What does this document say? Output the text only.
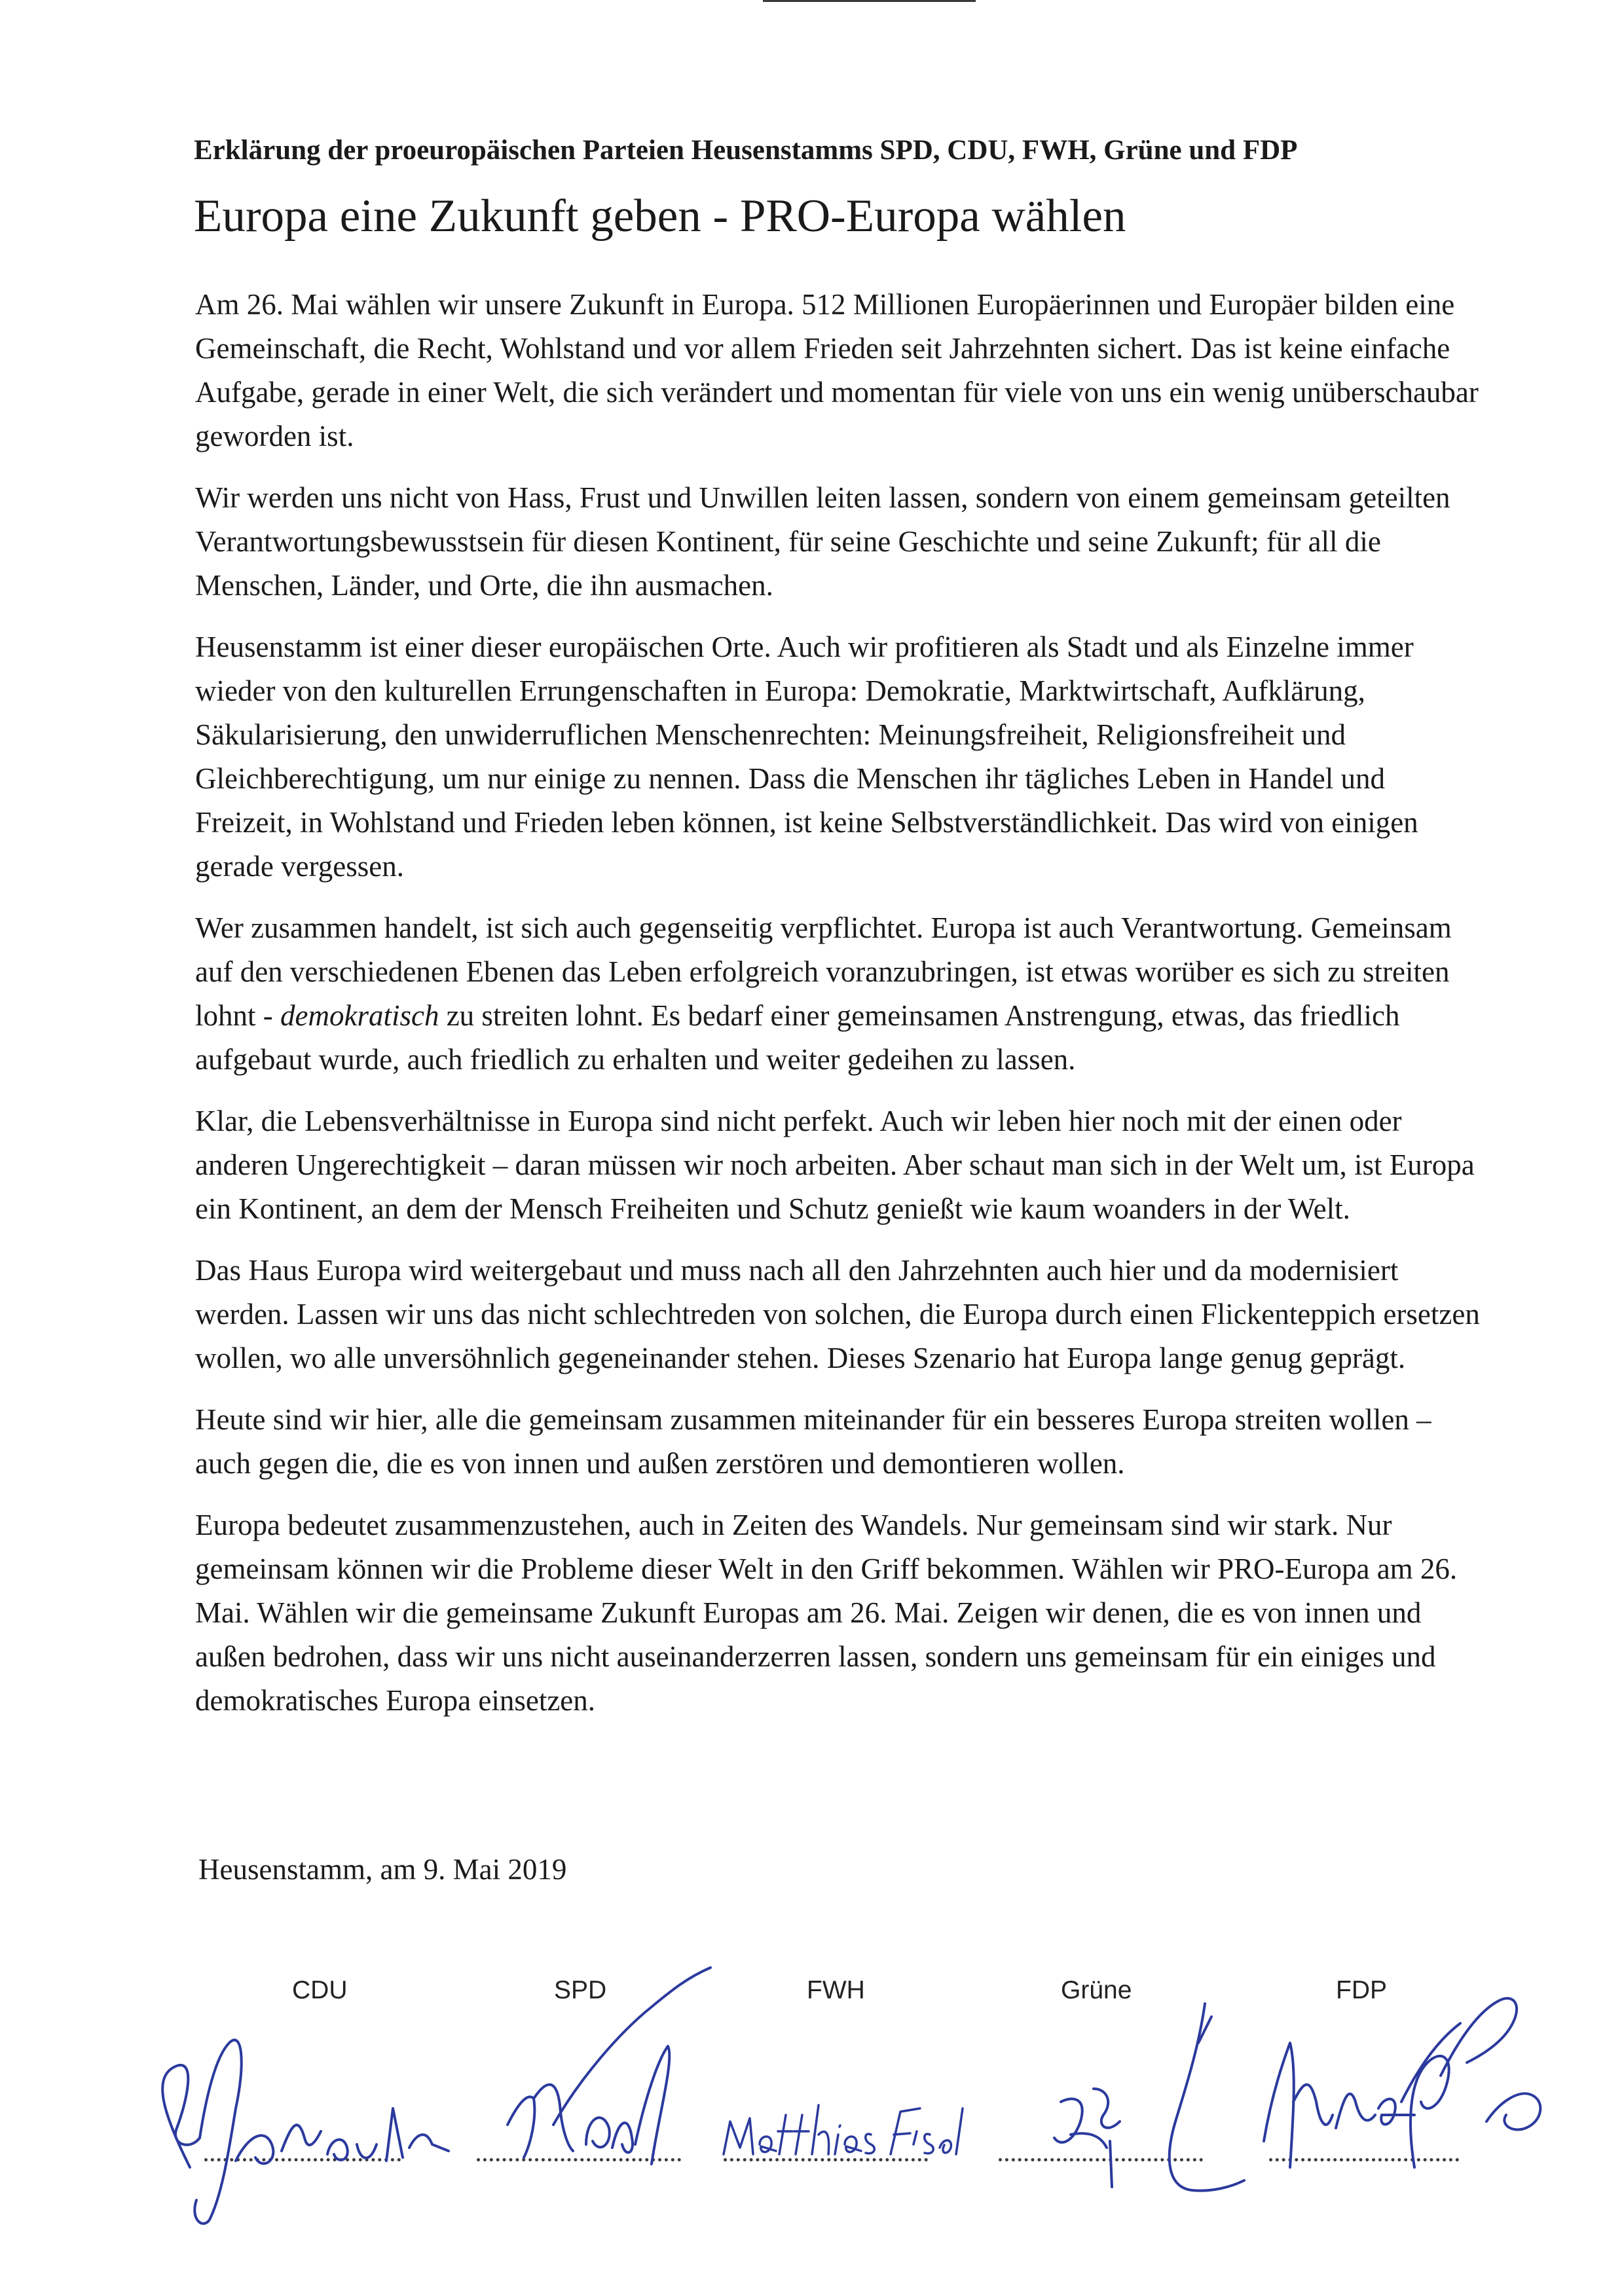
Erklärung der proeuropäischen Parteien Heusenstamms SPD, CDU, FWH, Grüne und FDP
Europa eine Zukunft geben - PRO-Europa wählen

Am 26. Mai wählen wir unsere Zukunft in Europa. 512 Millionen Europäerinnen und Europäer bilden eine Gemeinschaft, die Recht, Wohlstand und vor allem Frieden seit Jahrzehnten sichert. Das ist keine einfache Aufgabe, gerade in einer Welt, die sich verändert und momentan für viele von uns ein wenig unüberschaubar geworden ist.

Wir werden uns nicht von Hass, Frust und Unwillen leiten lassen, sondern von einem gemeinsam geteilten Verantwortungsbewusstsein für diesen Kontinent, für seine Geschichte und seine Zukunft; für all die Menschen, Länder, und Orte, die ihn ausmachen.

Heusenstamm ist einer dieser europäischen Orte. Auch wir profitieren als Stadt und als Einzelne immer wieder von den kulturellen Errungenschaften in Europa: Demokratie, Marktwirtschaft, Aufklärung, Säkularisierung, den unwiderruflichen Menschenrechten: Meinungsfreiheit, Religionsfreiheit und Gleichberechtigung, um nur einige zu nennen. Dass die Menschen ihr tägliches Leben in Handel und Freizeit, in Wohlstand und Frieden leben können, ist keine Selbstverständlichkeit. Das wird von einigen gerade vergessen.

Wer zusammen handelt, ist sich auch gegenseitig verpflichtet. Europa ist auch Verantwortung. Gemeinsam auf den verschiedenen Ebenen das Leben erfolgreich voranzubringen, ist etwas worüber es sich zu streiten lohnt - demokratisch zu streiten lohnt. Es bedarf einer gemeinsamen Anstrengung, etwas, das friedlich aufgebaut wurde, auch friedlich zu erhalten und weiter gedeihen zu lassen.

Klar, die Lebensverhältnisse in Europa sind nicht perfekt. Auch wir leben hier noch mit der einen oder anderen Ungerechtigkeit – daran müssen wir noch arbeiten. Aber schaut man sich in der Welt um, ist Europa ein Kontinent, an dem der Mensch Freiheiten und Schutz genießt wie kaum woanders in der Welt.

Das Haus Europa wird weitergebaut und muss nach all den Jahrzehnten auch hier und da modernisiert werden. Lassen wir uns das nicht schlechtreden von solchen, die Europa durch einen Flickenteppich ersetzen wollen, wo alle unversöhnlich gegeneinander stehen. Dieses Szenario hat Europa lange genug geprägt.

Heute sind wir hier, alle die gemeinsam zusammen miteinander für ein besseres Europa streiten wollen – auch gegen die, die es von innen und außen zerstören und demontieren wollen.

Europa bedeutet zusammenzustehen, auch in Zeiten des Wandels. Nur gemeinsam sind wir stark. Nur gemeinsam können wir die Probleme dieser Welt in den Griff bekommen. Wählen wir PRO-Europa am 26. Mai. Wählen wir die gemeinsame Zukunft Europas am 26. Mai. Zeigen wir denen, die es von innen und außen bedrohen, dass wir uns nicht auseinanderzerren lassen, sondern uns gemeinsam für ein einiges und demokratisches Europa einsetzen.

Heusenstamm, am 9. Mai 2019
CDU	SPD	FWH	Grüne	FDP
